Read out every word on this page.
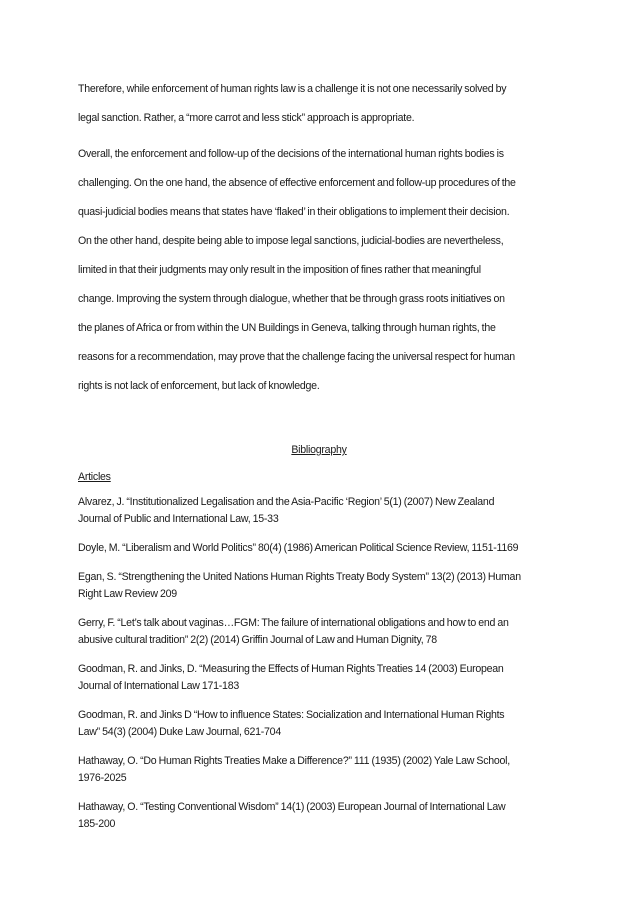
Therefore, while enforcement of human rights law is a challenge it is not one necessarily solved by
legal sanction. Rather, a “more carrot and less stick” approach is appropriate.
Overall, the enforcement and follow-up of the decisions of the international human rights bodies is
challenging. On the one hand, the absence of effective enforcement and follow-up procedures of the
quasi-judicial bodies means that states have ‘flaked’ in their obligations to implement their decision.
On the other hand, despite being able to impose legal sanctions, judicial-bodies are nevertheless,
limited in that their judgments may only result in the imposition of fines rather that meaningful
change. Improving the system through dialogue, whether that be through grass roots initiatives on
the planes of Africa or from within the UN Buildings in Geneva, talking through human rights, the
reasons for a recommendation, may prove that the challenge facing the universal respect for human
rights is not lack of enforcement, but lack of knowledge.
Bibliography
Articles
Alvarez, J. “Institutionalized Legalisation and the Asia-Pacific ‘Region’ 5(1) (2007) New Zealand
Journal of Public and International Law, 15-33
Doyle, M. “Liberalism and World Politics” 80(4) (1986) American Political Science Review, 1151-1169
Egan, S. “Strengthening the United Nations Human Rights Treaty Body System” 13(2) (2013) Human
Right Law Review 209
Gerry, F. “Let’s talk about vaginas…FGM: The failure of international obligations and how to end an
abusive cultural tradition” 2(2) (2014) Griffin Journal of Law and Human Dignity, 78
Goodman, R. and Jinks, D. “Measuring the Effects of Human Rights Treaties 14 (2003) European
Journal of International Law 171-183
Goodman, R. and Jinks D “How to influence States: Socialization and International Human Rights
Law” 54(3) (2004) Duke Law Journal, 621-704
Hathaway, O. “Do Human Rights Treaties Make a Difference?” 111 (1935) (2002) Yale Law School,
1976-2025
Hathaway, O. “Testing Conventional Wisdom” 14(1) (2003) European Journal of International Law
185-200
